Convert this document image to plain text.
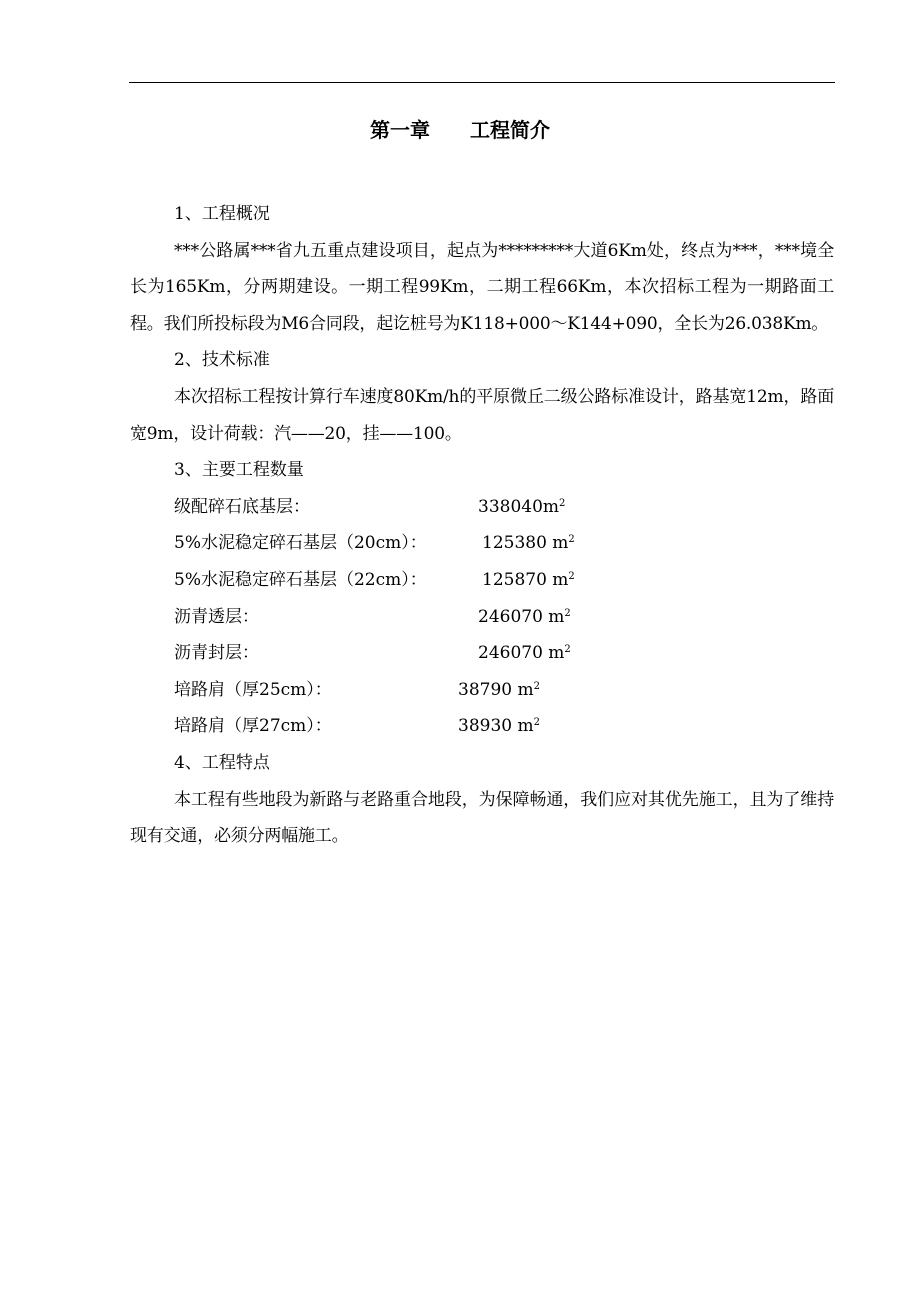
第一章　　工程简介

1、工程概况

***公路属***省九五重点建设项目，起点为*********大道6Km处，终点为***，***境全长为165Km，分两期建设。一期工程99Km，二期工程66Km，本次招标工程为一期路面工程。我们所投标段为M6合同段，起讫桩号为K118+000～K144+090，全长为26.038Km。

2、技术标准

本次招标工程按计算行车速度80Km/h的平原微丘二级公路标准设计，路基宽12m，路面宽9m，设计荷载：汽——20，挂——100。

3、主要工程数量

级配碎石底基层：	$338040m^2$
5%水泥稳定碎石基层（20cm）：	125380 $m^2$
5%水泥稳定碎石基层（22cm）：	125870 $m^2$
沥青透层：	246070 $m^2$
沥青封层：	246070 $m^2$
培路肩（厚25cm）：	38790 $m^2$
培路肩（厚27cm）：	38930 $m^2$

4、工程特点

本工程有些地段为新路与老路重合地段，为保障畅通，我们应对其优先施工，且为了维持现有交通，必须分两幅施工。
